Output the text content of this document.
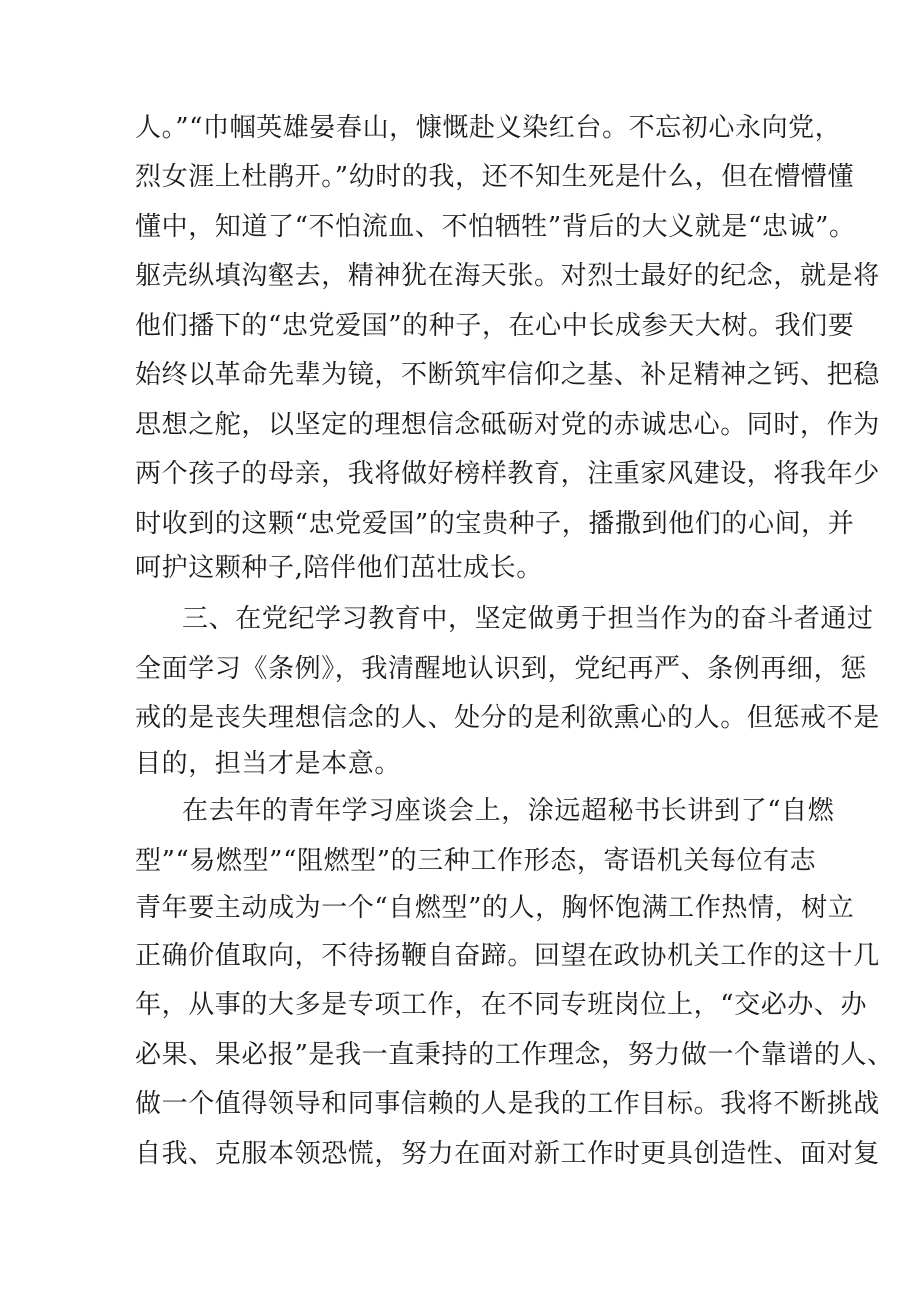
人。”“巾帼英雄晏春山，慷慨赴义染红台。不忘初心永向党，
烈女涯上杜鹃开。”幼时的我，还不知生死是什么，但在懵懵懂
懂中，知道了“不怕流血、不怕牺牲”背后的大义就是“忠诚”。
躯壳纵填沟壑去，精神犹在海天张。对烈士最好的纪念，就是将
他们播下的“忠党爱国”的种子，在心中长成参天大树。我们要
始终以革命先辈为镜，不断筑牢信仰之基、补足精神之钙、把稳
思想之舵，以坚定的理想信念砥砺对党的赤诚忠心。同时，作为
两个孩子的母亲，我将做好榜样教育，注重家风建设，将我年少
时收到的这颗“忠党爱国”的宝贵种子，播撒到他们的心间，并
呵护这颗种子,陪伴他们茁壮成长。
三、在党纪学习教育中，坚定做勇于担当作为的奋斗者通过
全面学习《条例》，我清醒地认识到，党纪再严、条例再细，惩
戒的是丧失理想信念的人、处分的是利欲熏心的人。但惩戒不是
目的，担当才是本意。
在去年的青年学习座谈会上，涂远超秘书长讲到了“自燃
型”“易燃型”“阻燃型”的三种工作形态，寄语机关每位有志
青年要主动成为一个“自燃型”的人，胸怀饱满工作热情，树立
正确价值取向，不待扬鞭自奋蹄。回望在政协机关工作的这十几
年，从事的大多是专项工作，在不同专班岗位上，“交必办、办
必果、果必报”是我一直秉持的工作理念，努力做一个靠谱的人、
做一个值得领导和同事信赖的人是我的工作目标。我将不断挑战
自我、克服本领恐慌，努力在面对新工作时更具创造性、面对复
